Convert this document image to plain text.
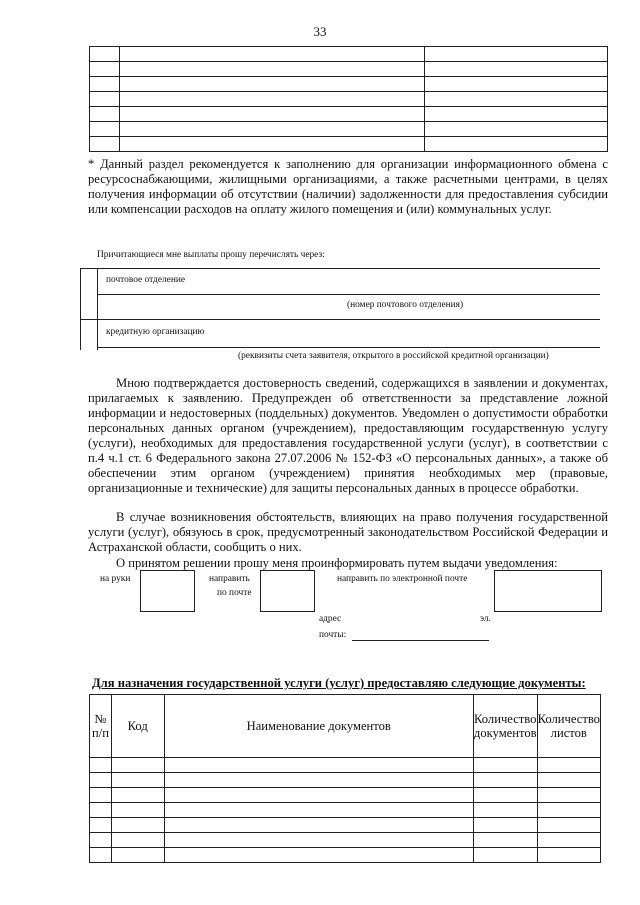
33

* Данный раздел рекомендуется к заполнению для организации информационного обмена с ресурсоснабжающими, жилищными организациями, а также расчетными центрами, в целях получения информации об отсутствии (наличии) задолженности для предоставления субсидии или компенсации расходов на оплату жилого помещения и (или) коммунальных услуг.
Причитающиеся мне выплаты прошу перечислять через:
почтовое отделение
(номер почтового отделения)
кредитную организацию
(реквизиты счета заявителя, открытого в российской кредитной организации)
Мною подтверждается достоверность сведений, содержащихся в заявлении и документах, прилагаемых к заявлению. Предупрежден об ответственности за представление ложной информации и недостоверных (поддельных) документов. Уведомлен о допустимости обработки персональных данных органом (учреждением), предоставляющим государственную услугу (услуги), необходимых для предоставления государственной услуги (услуг), в соответствии с п.4 ч.1 ст. 6 Федерального закона 27.07.2006 № 152-ФЗ «О персональных данных», а также об обеспечении этим органом (учреждением) принятия необходимых мер (правовые, организационные и технические) для защиты персональных данных в процессе обработки.
В случае возникновения обстоятельств, влияющих на право получения государственной услуги (услуг), обязуюсь в срок, предусмотренный законодательством Российской Федерации и Астраханской области, сообщить о них.
О принятом решении прошу меня проинформировать путем выдачи уведомления:
на руки	направить
по почте
направить по электронной почте
адрес	эл.
почты:
Для назначения государственной услуги (услуг) предоставляю следующие документы:
№ п/п	Код	Наименование документов	Количество документов	Количество листов
